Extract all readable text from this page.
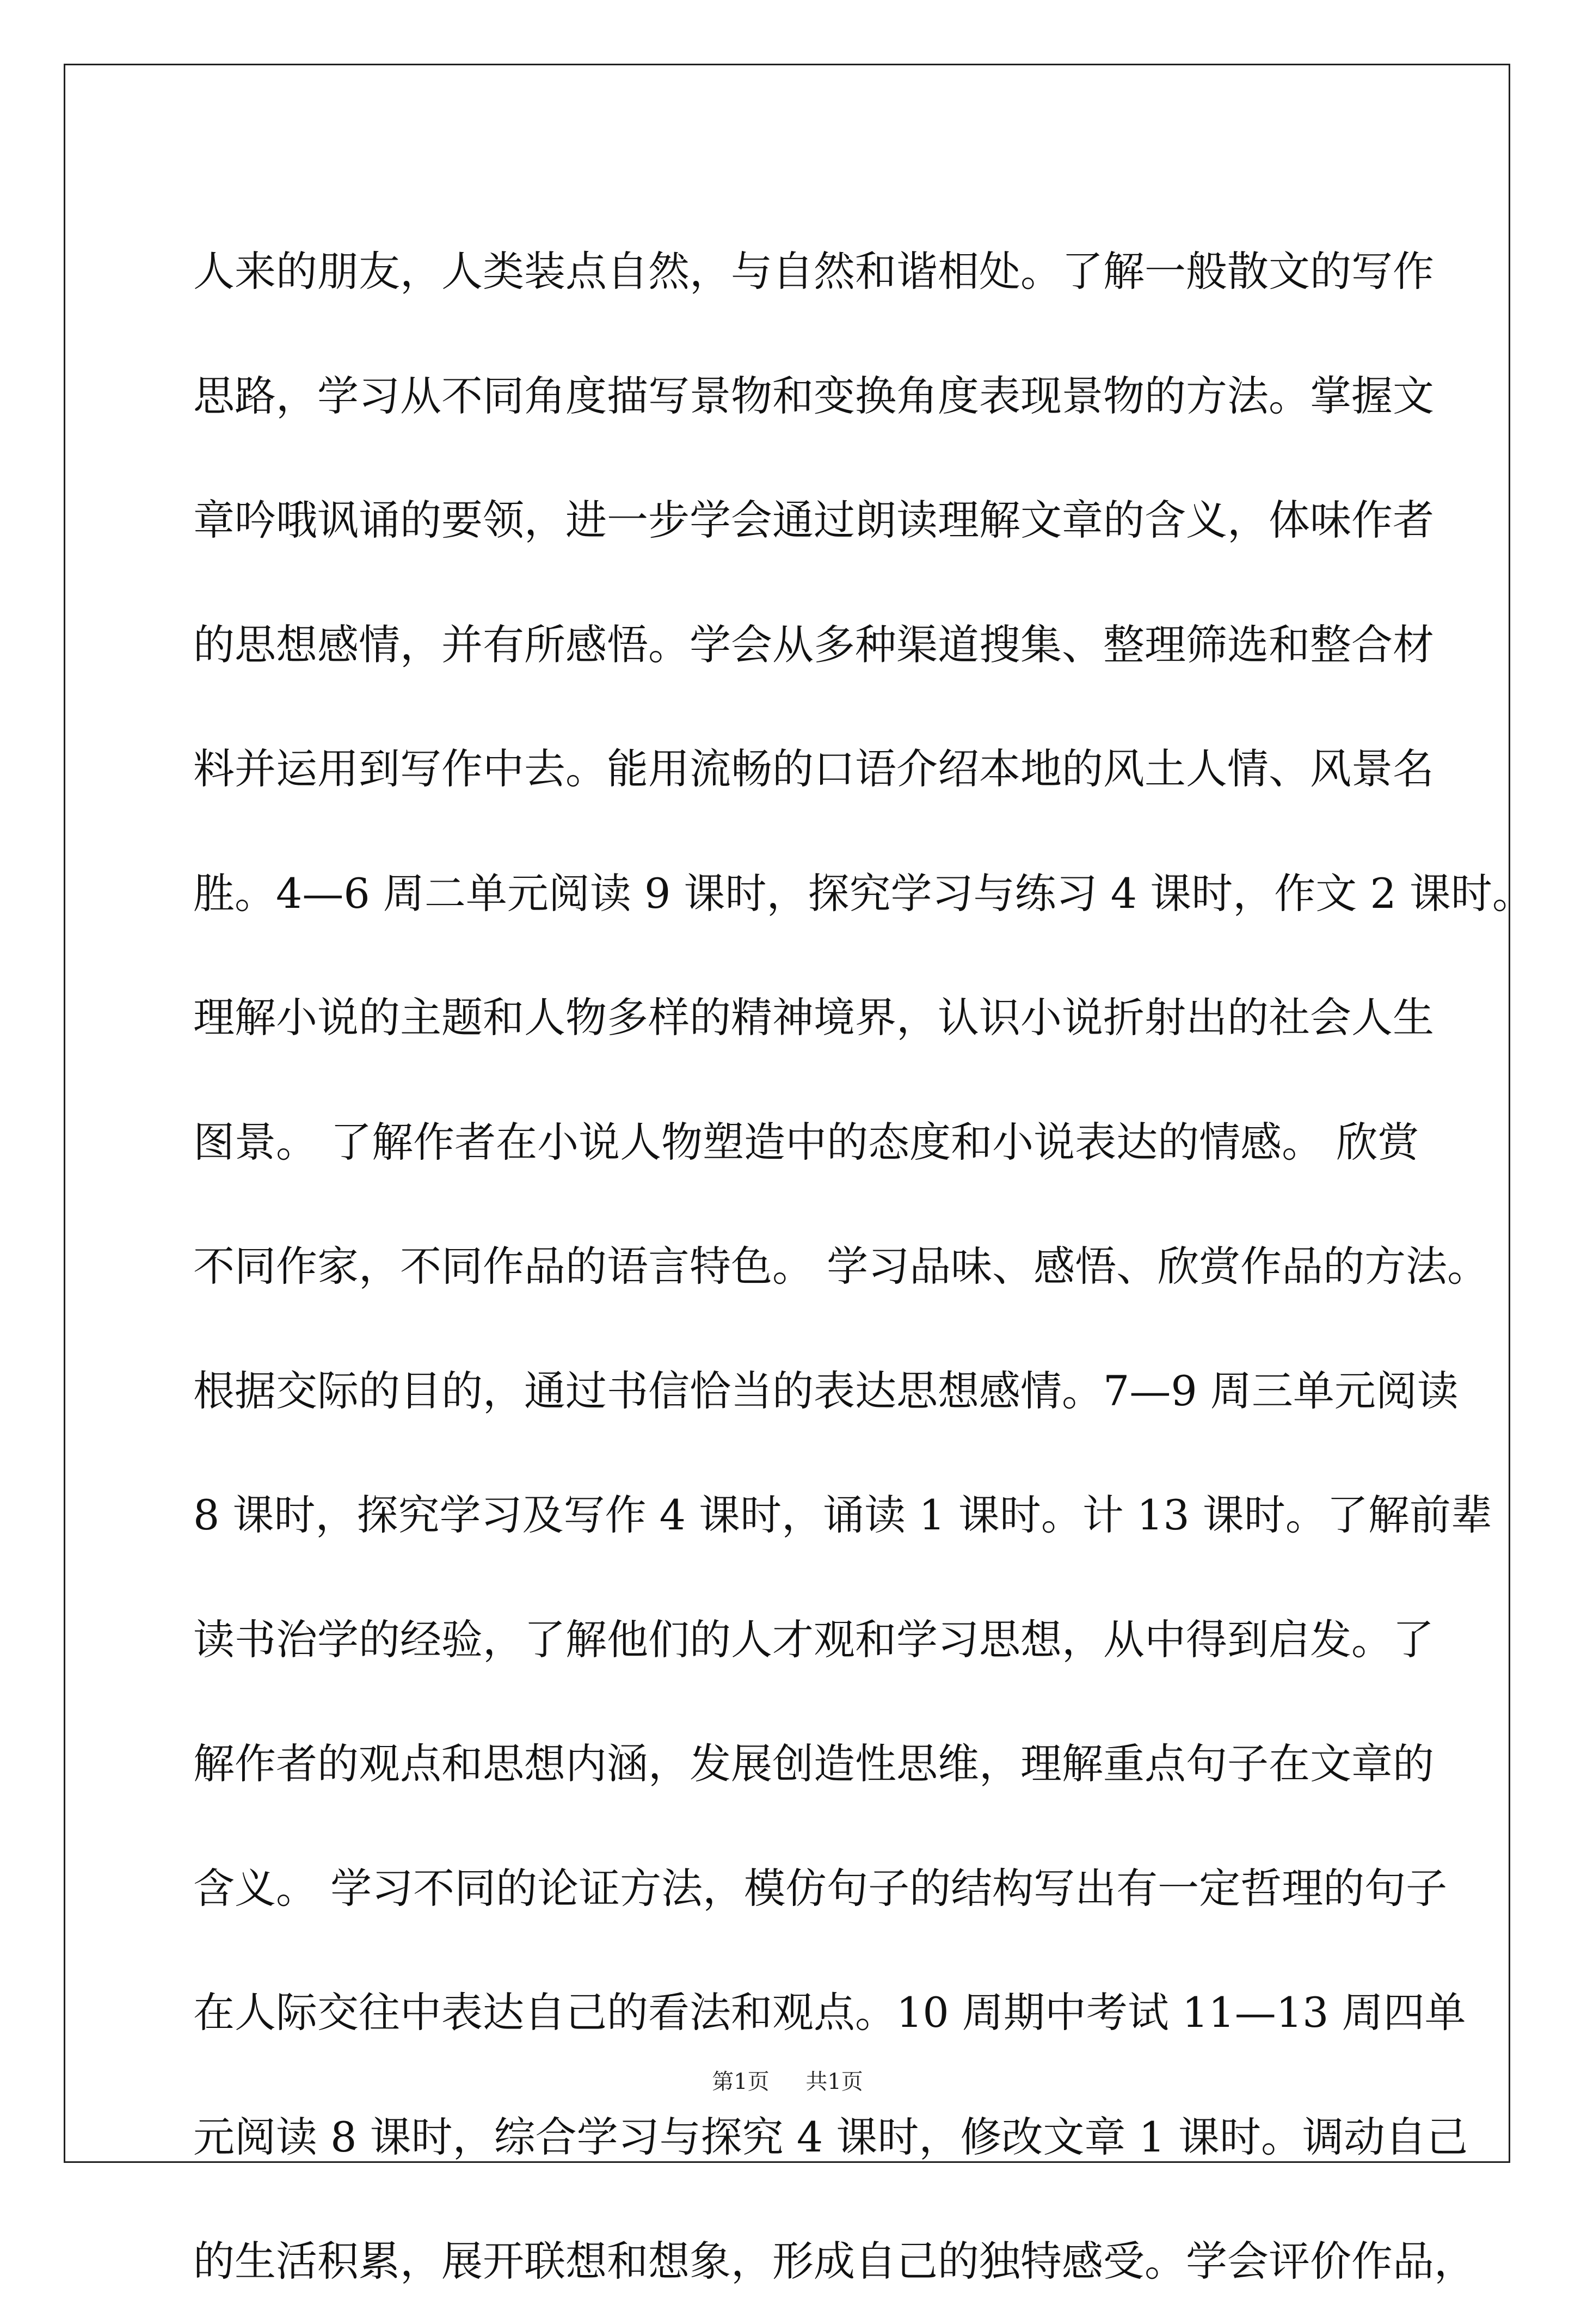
人来的朋友，人类装点自然，与自然和谐相处。了解一般散文的写作
思路，学习从不同角度描写景物和变换角度表现景物的方法。掌握文
章吟哦讽诵的要领，进一步学会通过朗读理解文章的含义，体味作者
的思想感情，并有所感悟。学会从多种渠道搜集、整理筛选和整合材
料并运用到写作中去。能用流畅的口语介绍本地的风土人情、风景名
胜。4—6 周二单元阅读 9 课时，探究学习与练习 4 课时，作文 2 课时。
理解小说的主题和人物多样的精神境界，认识小说折射出的社会人生
图景。 了解作者在小说人物塑造中的态度和小说表达的情感。 欣赏
不同作家，不同作品的语言特色。 学习品味、感悟、欣赏作品的方法。
根据交际的目的，通过书信恰当的表达思想感情。7—9 周三单元阅读
8 课时，探究学习及写作 4 课时，诵读 1 课时。计 13 课时。了解前辈
读书治学的经验，了解他们的人才观和学习思想，从中得到启发。了
解作者的观点和思想内涵，发展创造性思维，理解重点句子在文章的
含义。 学习不同的论证方法，模仿句子的结构写出有一定哲理的句子
在人际交往中表达自己的看法和观点。10 周期中考试 11—13 周四单
元阅读 8 课时，综合学习与探究 4 课时，修改文章 1 课时。调动自己
的生活积累，展开联想和想象，形成自己的独特感受。学会评价作品，
第1页 共1页
